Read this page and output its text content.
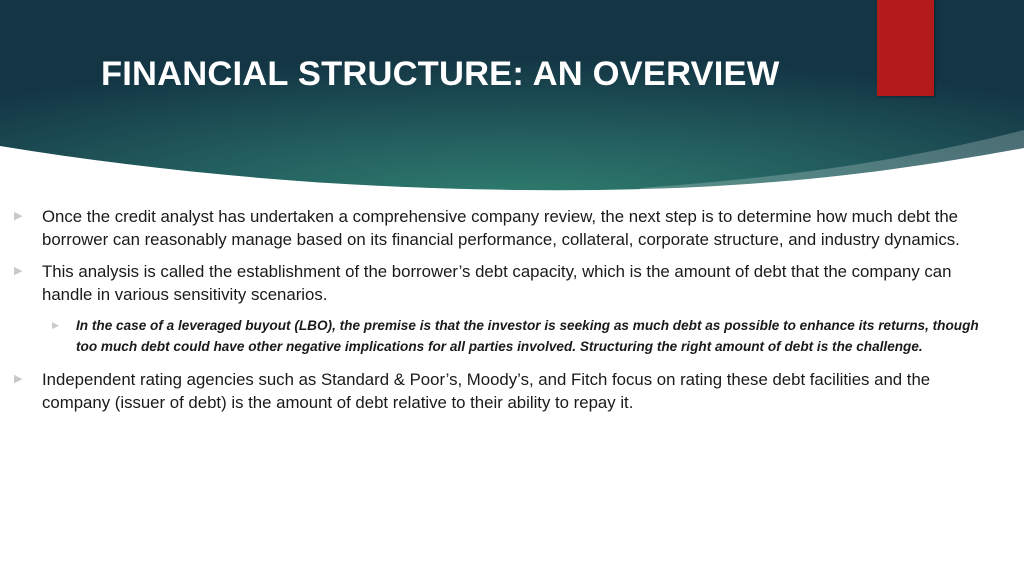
FINANCIAL STRUCTURE: AN OVERVIEW
▶ Once the credit analyst has undertaken a comprehensive company review, the next step is to determine how much debt the borrower can reasonably manage based on its financial performance, collateral, corporate structure, and industry dynamics.
▶ This analysis is called the establishment of the borrower’s debt capacity, which is the amount of debt that the company can handle in various sensitivity scenarios.
▶ In the case of a leveraged buyout (LBO), the premise is that the investor is seeking as much debt as possible to enhance its returns, though too much debt could have other negative implications for all parties involved. Structuring the right amount of debt is the challenge.
▶ Independent rating agencies such as Standard & Poor’s, Moody’s, and Fitch focus on rating these debt facilities and the company (issuer of debt) is the amount of debt relative to their ability to repay it.
